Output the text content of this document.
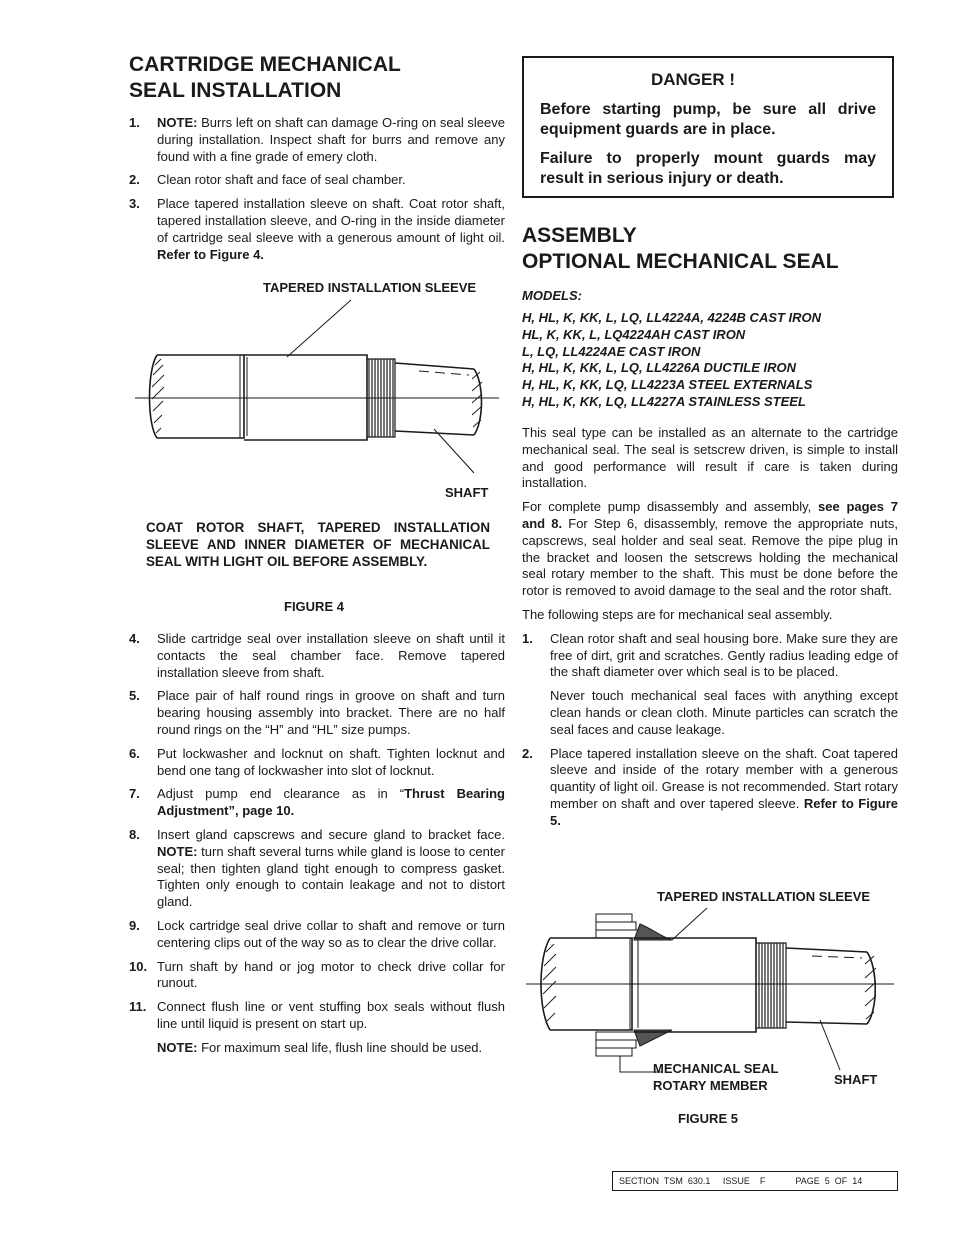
CARTRIDGE MECHANICAL
SEAL INSTALLATION
1. NOTE: Burrs left on shaft can damage O-ring on seal sleeve during installation. Inspect shaft for burrs and remove any found with a fine grade of emery cloth.

2. Clean rotor shaft and face of seal chamber.

3. Place tapered installation sleeve on shaft. Coat rotor shaft, tapered installation sleeve, and O-ring in the inside diameter of cartridge seal sleeve with a generous amount of light oil. Refer to Figure 4.

TAPERED INSTALLATION SLEEVE
SHAFT
COAT ROTOR SHAFT, TAPERED INSTALLATION SLEEVE AND INNER DIAMETER OF MECHANICAL SEAL WITH LIGHT OIL BEFORE ASSEMBLY.
FIGURE 4
4. Slide cartridge seal over installation sleeve on shaft until it contacts the seal chamber face. Remove tapered installation sleeve from shaft.

5. Place pair of half round rings in groove on shaft and turn bearing housing assembly into bracket. There are no half round rings on the “H” and “HL” size pumps.

6. Put lockwasher and locknut on shaft. Tighten locknut and bend one tang of lockwasher into slot of locknut.

7. Adjust pump end clearance as in “Thrust Bearing Adjustment”, page 10.

8. Insert gland capscrews and secure gland to bracket face. NOTE: turn shaft several turns while gland is loose to center seal; then tighten gland tight enough to compress gasket. Tighten only enough to contain leakage and not to distort gland.

9. Lock cartridge seal drive collar to shaft and remove or turn centering clips out of the way so as to clear the drive collar.

10. Turn shaft by hand or jog motor to check drive collar for runout.

11. Connect flush line or vent stuffing box seals without flush line until liquid is present on start up.

NOTE: For maximum seal life, flush line should be used.

DANGER !

Before starting pump, be sure all drive equipment guards are in place.

Failure to properly mount guards may result in serious injury or death.

ASSEMBLY
OPTIONAL MECHANICAL SEAL
MODELS:
H, HL, K, KK, L, LQ, LL4224A, 4224B CAST IRON
HL, K, KK, L, LQ4224AH CAST IRON
L, LQ, LL4224AE CAST IRON
H, HL, K, KK, L, LQ, LL4226A DUCTILE IRON
H, HL, K, KK, LQ, LL4223A STEEL EXTERNALS
H, HL, K, KK, LQ, LL4227A STAINLESS STEEL

This seal type can be installed as an alternate to the cartridge mechanical seal. The seal is setscrew driven, is simple to install and good performance will result if care is taken during installation.

For complete pump disassembly and assembly, see pages 7 and 8. For Step 6, disassembly, remove the appropriate nuts, capscrews, seal holder and seal seat. Remove the pipe plug in the bracket and loosen the setscrews holding the mechanical seal rotary member to the shaft. This must be done before the rotor is removed to avoid damage to the seal and the rotor shaft.

The following steps are for mechanical seal assembly.

1. Clean rotor shaft and seal housing bore. Make sure they are free of dirt, grit and scratches. Gently radius leading edge of the shaft diameter over which seal is to be placed.

Never touch mechanical seal faces with anything except clean hands or clean cloth. Minute particles can scratch the seal faces and cause leakage.

2. Place tapered installation sleeve on the shaft. Coat tapered sleeve and inside of the rotary member with a generous quantity of light oil. Grease is not recommended. Start rotary member on shaft and over tapered sleeve. Refer to Figure 5.

TAPERED INSTALLATION SLEEVE
MECHANICAL SEAL
ROTARY MEMBER	SHAFT
FIGURE 5
SECTION  TSM  630.1     ISSUE    F            PAGE  5  OF  14
